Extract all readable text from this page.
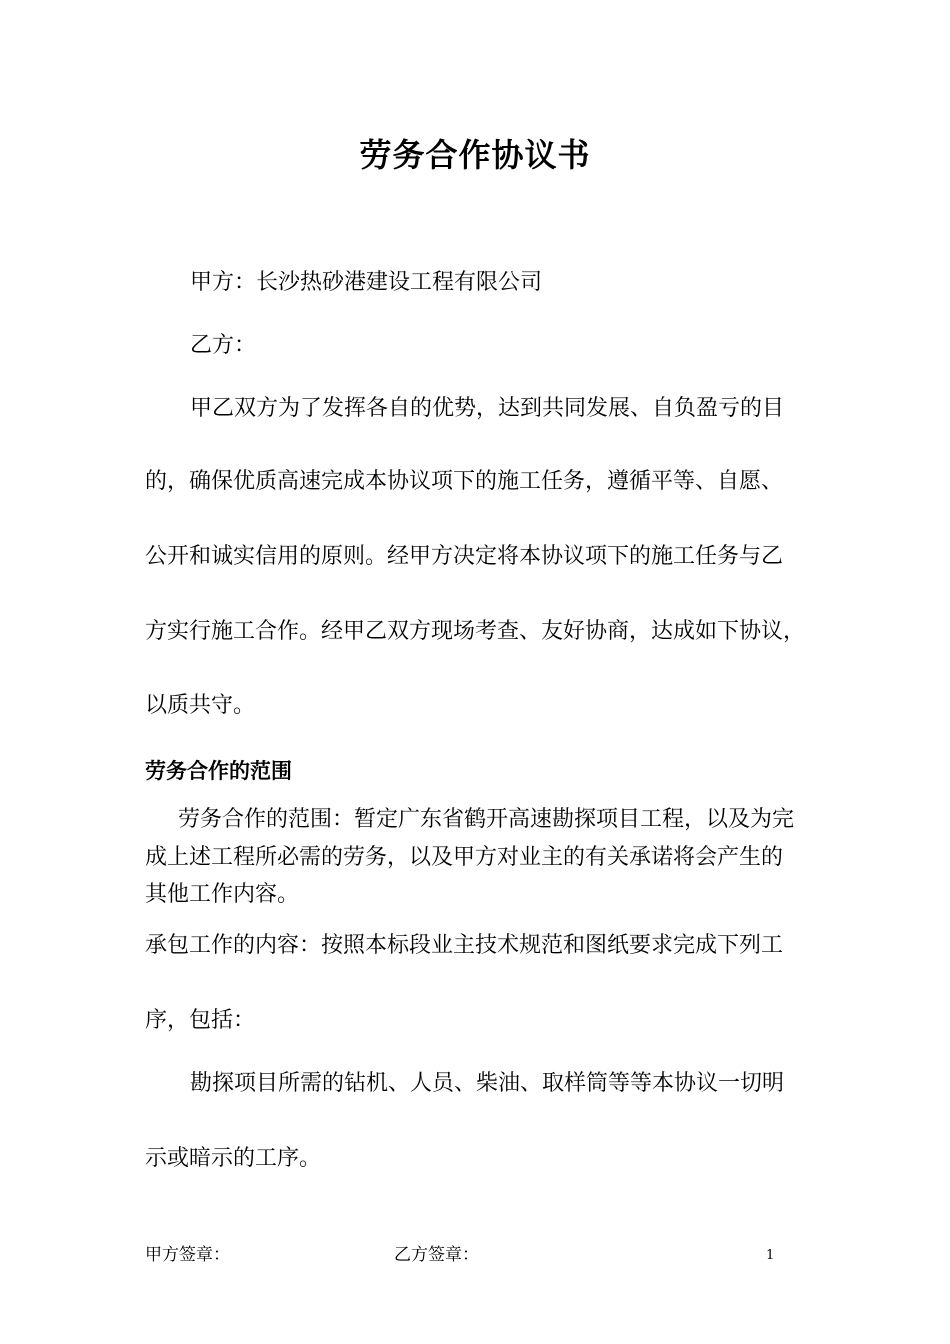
劳务合作协议书
甲方：长沙热砂港建设工程有限公司
乙方：
甲乙双方为了发挥各自的优势，达到共同发展、自负盈亏的目
的，确保优质高速完成本协议项下的施工任务，遵循平等、自愿、
公开和诚实信用的原则。经甲方决定将本协议项下的施工任务与乙
方实行施工合作。经甲乙双方现场考查、友好协商，达成如下协议，
以质共守。
劳务合作的范围
劳务合作的范围：暂定广东省鹤开高速勘探项目工程，以及为完
成上述工程所必需的劳务，以及甲方对业主的有关承诺将会产生的
其他工作内容。
承包工作的内容：按照本标段业主技术规范和图纸要求完成下列工
序，包括：
勘探项目所需的钻机、人员、柴油、取样筒等等本协议一切明
示或暗示的工序。
甲方签章：	乙方签章：	1
